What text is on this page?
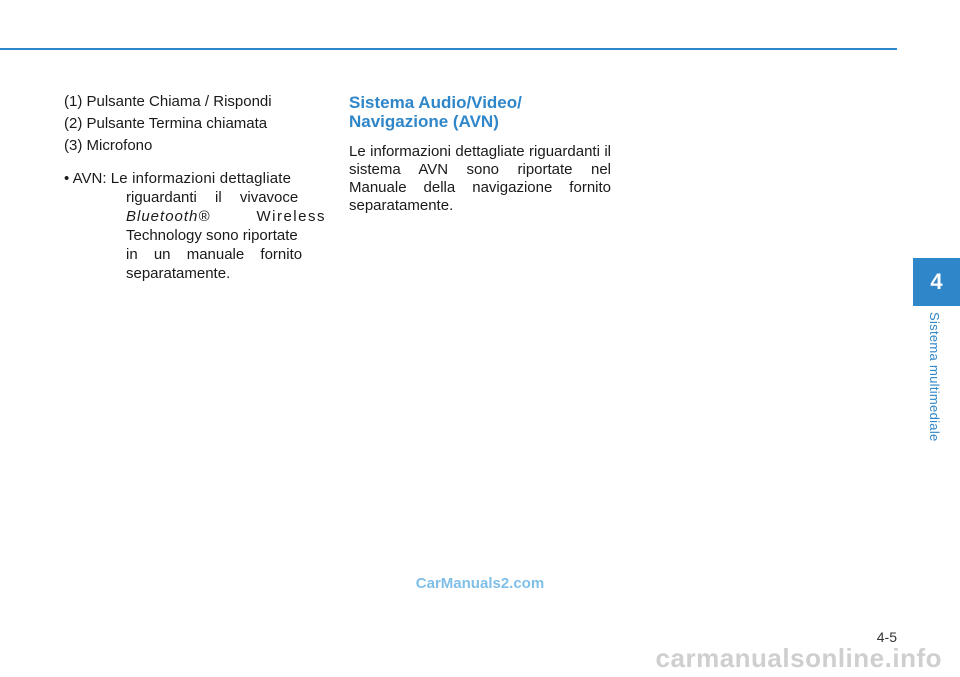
(1) Pulsante Chiama / Rispondi
(2) Pulsante Termina chiamata
(3) Microfono
• AVN: Le informazioni dettagliate
riguardanti il vivavoce
Bluetooth®	Wireless
Technology sono riportate
in un manuale fornito
separatamente.
Sistema Audio/Video/
Navigazione (AVN)

Le informazioni dettagliate riguardanti il sistema AVN sono riportate nel Manuale della navigazione fornito separatamente.

4
Sistema multimediale
CarManuals2.com
4-5
carmanualsonline.info
